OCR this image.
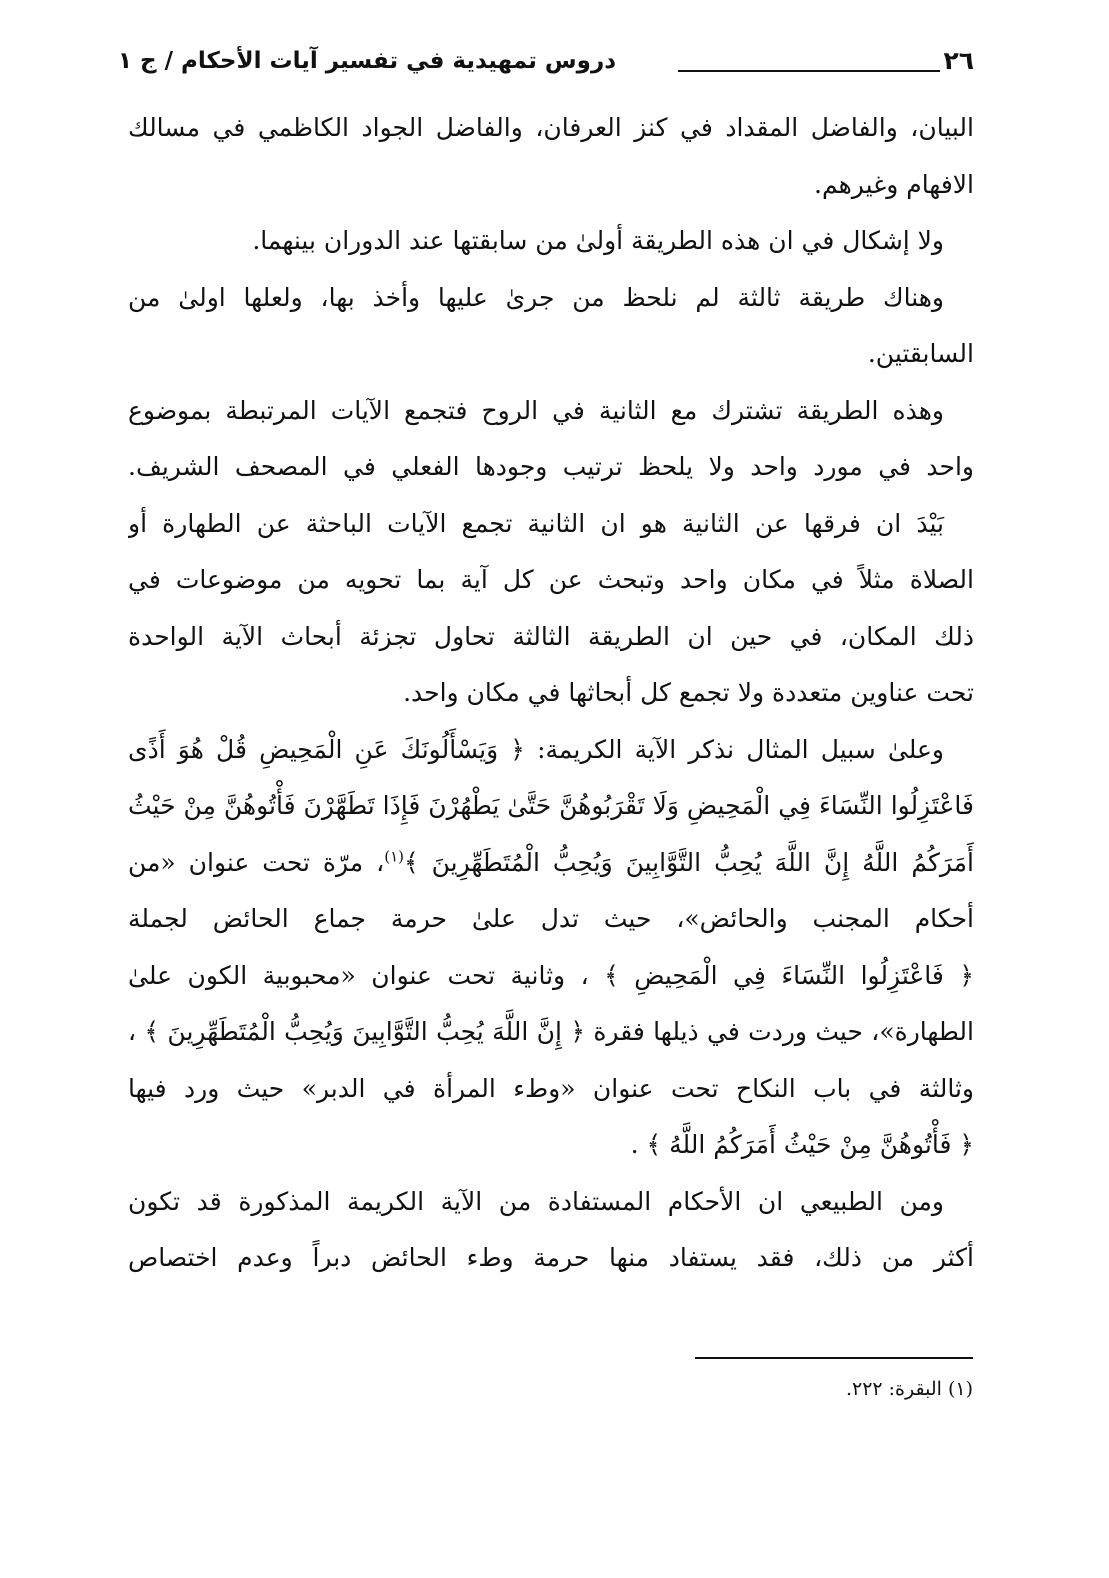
٢٦
دروس تمهيدية في تفسير آيات الأحكام / ج ١
البيان، والفاضل المقداد في كنز العرفان، والفاضل الجواد الكاظمي في مسالك
الافهام وغيرهم.
ولا إشكال في ان هذه الطريقة أولىٰ من سابقتها عند الدوران بينهما.
وهناك طريقة ثالثة لم نلحظ من جرىٰ عليها وأخذ بها، ولعلها اولىٰ من
السابقتين.
وهذه الطريقة تشترك مع الثانية في الروح فتجمع الآيات المرتبطة بموضوع
واحد في مورد واحد ولا يلحظ ترتيب وجودها الفعلي في المصحف الشريف.
بَيْدَ ان فرقها عن الثانية هو ان الثانية تجمع الآيات الباحثة عن الطهارة أو
الصلاة مثلاً في مكان واحد وتبحث عن كل آية بما تحويه من موضوعات في
ذلك المكان، في حين ان الطريقة الثالثة تحاول تجزئة أبحاث الآية الواحدة
تحت عناوين متعددة ولا تجمع كل أبحاثها في مكان واحد.
وعلىٰ سبيل المثال نذكر الآية الكريمة: ﴿ وَيَسْأَلُونَكَ عَنِ الْمَحِيضِ قُلْ هُوَ أَذًى
فَاعْتَزِلُوا النِّسَاءَ فِي الْمَحِيضِ وَلَا تَقْرَبُوهُنَّ حَتَّىٰ يَطْهُرْنَ فَإِذَا تَطَهَّرْنَ فَأْتُوهُنَّ مِنْ حَيْثُ
أَمَرَكُمُ اللَّهُ إِنَّ اللَّهَ يُحِبُّ التَّوَّابِينَ وَيُحِبُّ الْمُتَطَهِّرِينَ ﴾$^{(١)}$، مرّة تحت عنوان «من
أحكام المجنب والحائض»، حيث تدل علىٰ حرمة جماع الحائض لجملة
﴿ فَاعْتَزِلُوا النِّسَاءَ فِي الْمَحِيضِ ﴾ ، وثانية تحت عنوان «محبوبية الكون علىٰ
الطهارة»، حيث وردت في ذيلها فقرة ﴿ إِنَّ اللَّهَ يُحِبُّ التَّوَّابِينَ وَيُحِبُّ الْمُتَطَهِّرِينَ ﴾ ،
وثالثة في باب النكاح تحت عنوان «وطء المرأة في الدبر» حيث ورد فيها
﴿ فَأْتُوهُنَّ مِنْ حَيْثُ أَمَرَكُمُ اللَّهُ ﴾ .
ومن الطبيعي ان الأحكام المستفادة من الآية الكريمة المذكورة قد تكون
أكثر من ذلك، فقد يستفاد منها حرمة وطء الحائض دبراً وعدم اختصاص
(١) البقرة: ٢٢٢.
